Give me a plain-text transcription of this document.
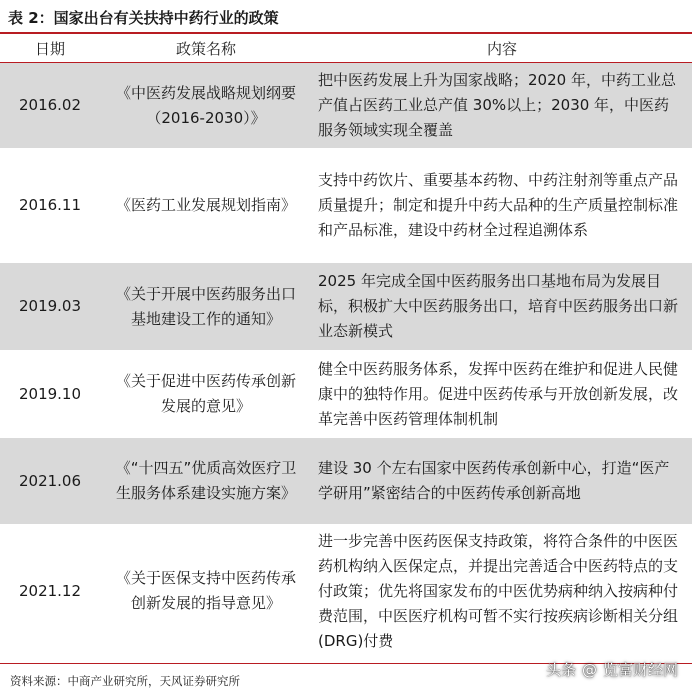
表 2：国家出台有关扶持中药行业的政策
日期	政策名称	内容
2016.02	《中医药发展战略规划纲要（2016-2030）》	把中医药发展上升为国家战略；2020 年，中药工业总产值占医药工业总产值 30%以上；2030 年，中医药服务领域实现全覆盖
2016.11	《医药工业发展规划指南》	支持中药饮片、重要基本药物、中药注射剂等重点产品质量提升；制定和提升中药大品种的生产质量控制标准和产品标准，建设中药材全过程追溯体系
2019.03	《关于开展中医药服务出口基地建设工作的通知》	2025 年完成全国中医药服务出口基地布局为发展目标，积极扩大中医药服务出口，培育中医药服务出口新业态新模式
2019.10	《关于促进中医药传承创新发展的意见》	健全中医药服务体系，发挥中医药在维护和促进人民健康中的独特作用。促进中医药传承与开放创新发展，改革完善中医药管理体制机制
2021.06	《“十四五”优质高效医疗卫生服务体系建设实施方案》	建设 30 个左右国家中医药传承创新中心，打造“医产学研用”紧密结合的中医药传承创新高地
2021.12	《关于医保支持中医药传承创新发展的指导意见》	进一步完善中医药医保支持政策，将符合条件的中医医药机构纳入医保定点，并提出完善适合中医药特点的支付政策；优先将国家发布的中医优势病种纳入按病种付费范围，中医医疗机构可暂不实行按疾病诊断相关分组(DRG)付费
资料来源：中商产业研究所，天风证券研究所
头条 @ 览富财经网
